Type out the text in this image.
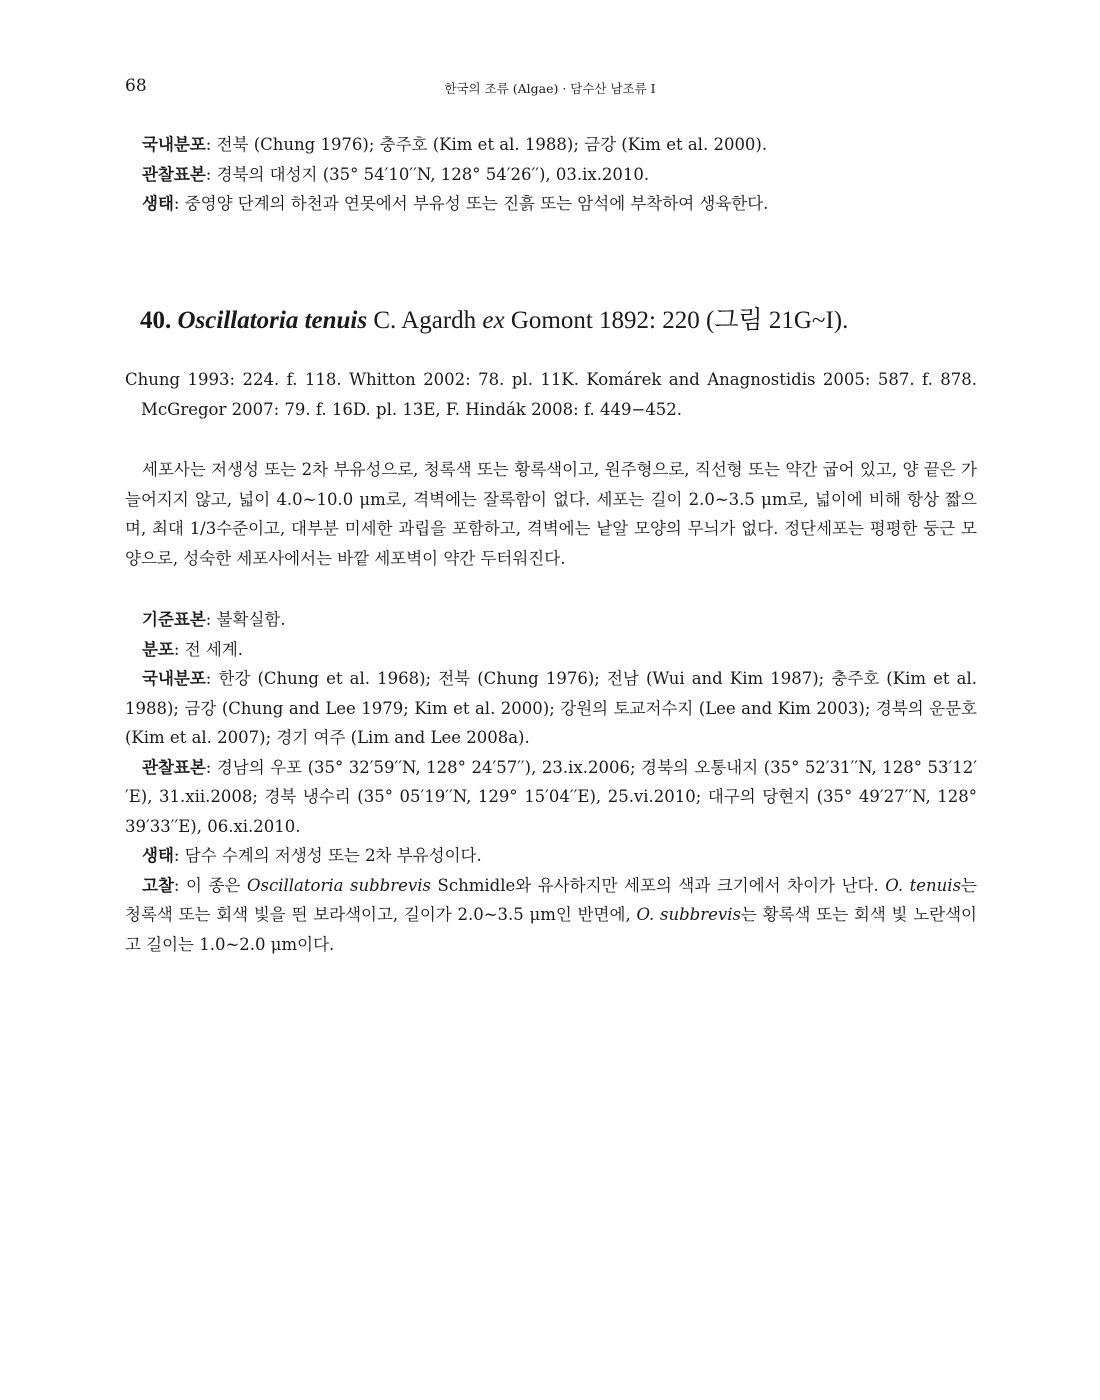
68	한국의 조류 (Algae) · 담수산 남조류 I

국내분포: 전북 (Chung 1976); 충주호 (Kim et al. 1988); 금강 (Kim et al. 2000).

관찰표본: 경북의 대성지 (35° 54′10′′N, 128° 54′26′′), 03.ix.2010.

생태: 중영양 단계의 하천과 연못에서 부유성 또는 진흙 또는 암석에 부착하여 생육한다.

40. Oscillatoria tenuis C. Agardh ex Gomont 1892: 220 (그림 21G~I).

Chung 1993: 224. f. 118. Whitton 2002: 78. pl. 11K. Komárek and Anagnostidis 2005: 587. f. 878. McGregor 2007: 79. f. 16D. pl. 13E, F. Hindák 2008: f. 449−452.

세포사는 저생성 또는 2차 부유성으로, 청록색 또는 황록색이고, 원주형으로, 직선형 또는 약간 굽어 있고, 양 끝은 가늘어지지 않고, 넓이 4.0~10.0 μm로, 격벽에는 잘록함이 없다. 세포는 길이 2.0~3.5 μm로, 넓이에 비해 항상 짧으며, 최대 1/3수준이고, 대부분 미세한 과립을 포함하고, 격벽에는 낱알 모양의 무늬가 없다. 정단세포는 평평한 둥근 모양으로, 성숙한 세포사에서는 바깥 세포벽이 약간 두터워진다.

기준표본: 불확실함.

분포: 전 세계.

국내분포: 한강 (Chung et al. 1968); 전북 (Chung 1976); 전남 (Wui and Kim 1987); 충주호 (Kim et al. 1988); 금강 (Chung and Lee 1979; Kim et al. 2000); 강원의 토교저수지 (Lee and Kim 2003); 경북의 운문호 (Kim et al. 2007); 경기 여주 (Lim and Lee 2008a).

관찰표본: 경남의 우포 (35° 32′59′′N, 128° 24′57′′), 23.ix.2006; 경북의 오통내지 (35° 52′31′′N, 128° 53′12′′E), 31.xii.2008; 경북 냉수리 (35° 05′19′′N, 129° 15′04′′E), 25.vi.2010; 대구의 당현지 (35° 49′27′′N, 128° 39′33′′E), 06.xi.2010.

생태: 담수 수계의 저생성 또는 2차 부유성이다.

고찰: 이 종은 Oscillatoria subbrevis Schmidle와 유사하지만 세포의 색과 크기에서 차이가 난다. O. tenuis는 청록색 또는 회색 빛을 띈 보라색이고, 길이가 2.0~3.5 μm인 반면에, O. subbrevis는 황록색 또는 회색 빛 노란색이고 길이는 1.0~2.0 μm이다.
